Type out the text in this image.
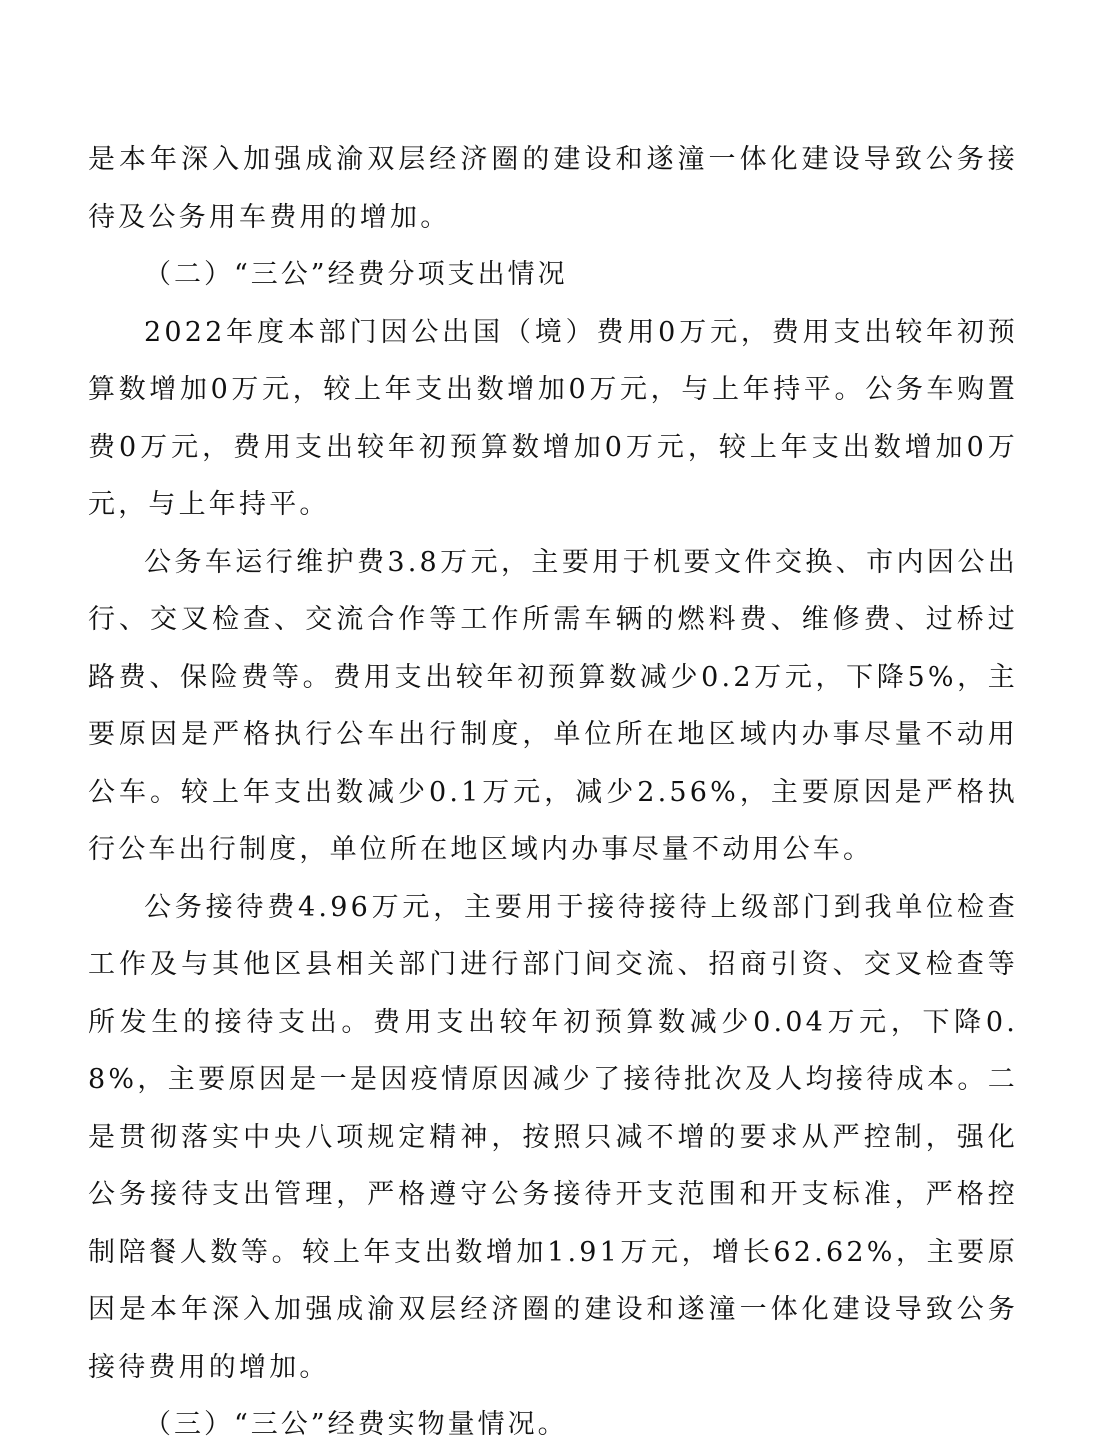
是本年深入加强成渝双层经济圈的建设和遂潼一体化建设导致公务接待及公务用车费用的增加。

（二）“三公”经费分项支出情况

2022年度本部门因公出国（境）费用0万元，费用支出较年初预算数增加0万元，较上年支出数增加0万元，与上年持平。公务车购置费0万元，费用支出较年初预算数增加0万元，较上年支出数增加0万元，与上年持平。

公务车运行维护费3.8万元，主要用于机要文件交换、市内因公出行、交叉检查、交流合作等工作所需车辆的燃料费、维修费、过桥过路费、保险费等。费用支出较年初预算数减少0.2万元，下降5%，主要原因是严格执行公车出行制度，单位所在地区域内办事尽量不动用公车。较上年支出数减少0.1万元，减少2.56%，主要原因是严格执行公车出行制度，单位所在地区域内办事尽量不动用公车。

公务接待费4.96万元，主要用于接待接待上级部门到我单位检查工作及与其他区县相关部门进行部门间交流、招商引资、交叉检查等所发生的接待支出。费用支出较年初预算数减少0.04万元，下降0.8%，主要原因是一是因疫情原因减少了接待批次及人均接待成本。二是贯彻落实中央八项规定精神，按照只减不增的要求从严控制，强化公务接待支出管理，严格遵守公务接待开支范围和开支标准，严格控制陪餐人数等。较上年支出数增加1.91万元，增长62.62%，主要原因是本年深入加强成渝双层经济圈的建设和遂潼一体化建设导致公务接待费用的增加。

（三）“三公”经费实物量情况。
